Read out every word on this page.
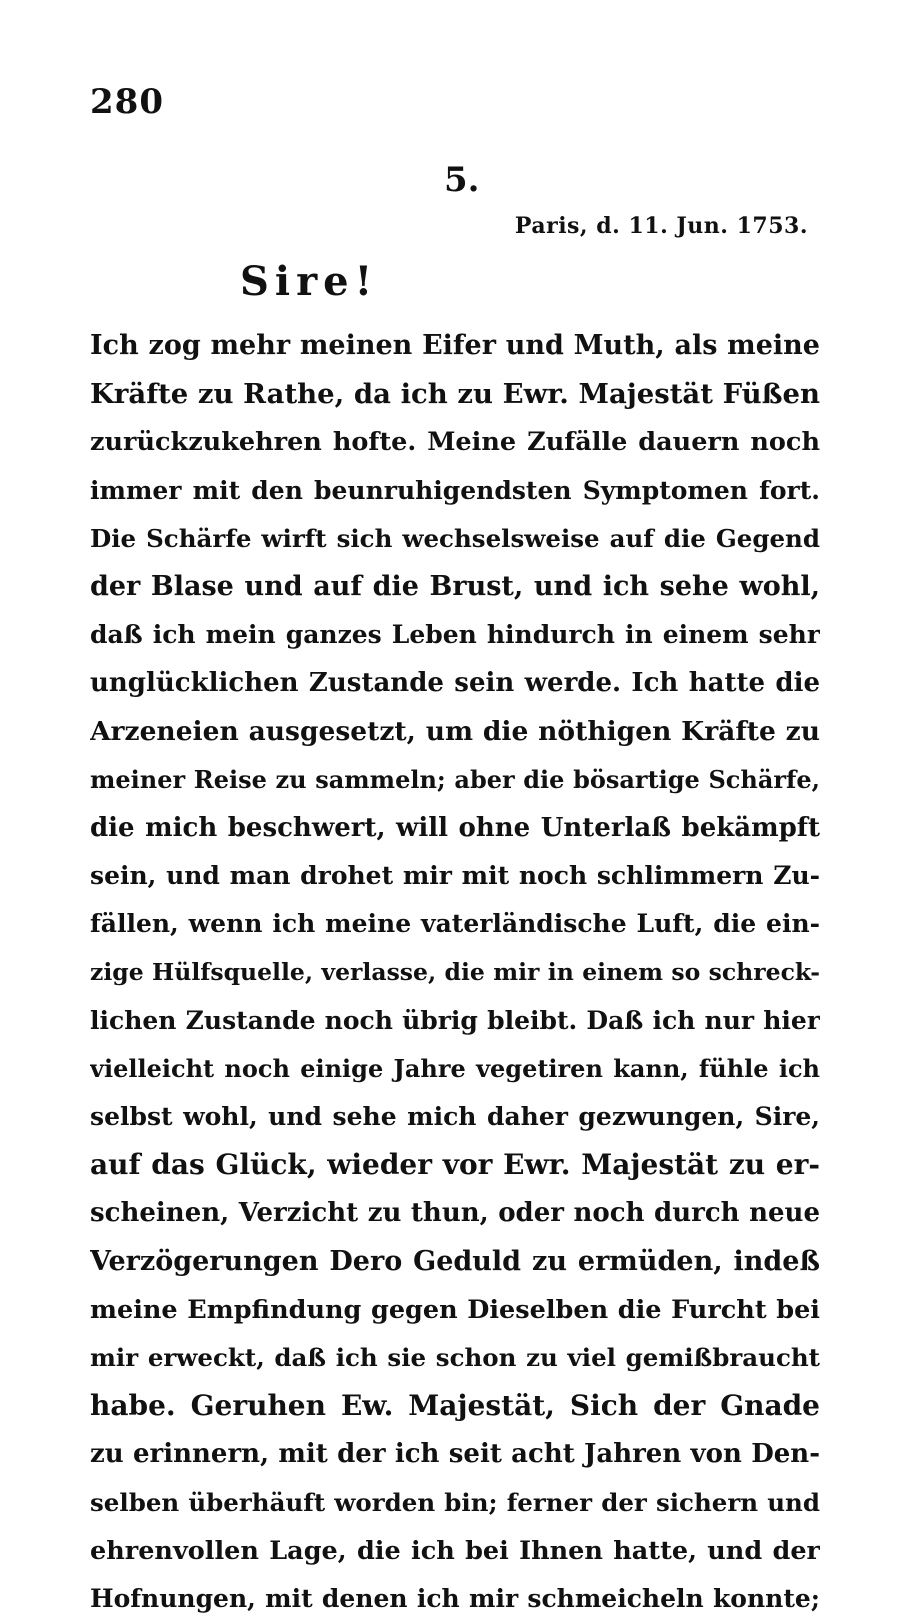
280
5.
Paris, d. 11. Jun. 1753.
Sire!
Ich zog mehr meinen Eifer und Muth, als meine
Kräfte zu Rathe, da ich zu Ewr. Majestät Füßen
zurückzukehren hofte. Meine Zufälle dauern noch
immer mit den beunruhigendsten Symptomen fort.
Die Schärfe wirft sich wechselsweise auf die Gegend
der Blase und auf die Brust, und ich sehe wohl,
daß ich mein ganzes Leben hindurch in einem sehr
unglücklichen Zustande sein werde. Ich hatte die
Arzeneien ausgesetzt, um die nöthigen Kräfte zu
meiner Reise zu sammeln; aber die bösartige Schärfe,
die mich beschwert, will ohne Unterlaß bekämpft
sein, und man drohet mir mit noch schlimmern Zu-
fällen, wenn ich meine vaterländische Luft, die ein-
zige Hülfsquelle, verlasse, die mir in einem so schreck-
lichen Zustande noch übrig bleibt. Daß ich nur hier
vielleicht noch einige Jahre vegetiren kann, fühle ich
selbst wohl, und sehe mich daher gezwungen, Sire,
auf das Glück, wieder vor Ewr. Majestät zu er-
scheinen, Verzicht zu thun, oder noch durch neue
Verzögerungen Dero Geduld zu ermüden, indeß
meine Empfindung gegen Dieselben die Furcht bei
mir erweckt, daß ich sie schon zu viel gemißbraucht
habe. Geruhen Ew. Majestät, Sich der Gnade
zu erinnern, mit der ich seit acht Jahren von Den-
selben überhäuft worden bin; ferner der sichern und
ehrenvollen Lage, die ich bei Ihnen hatte, und der
Hofnungen, mit denen ich mir schmeicheln konnte;
